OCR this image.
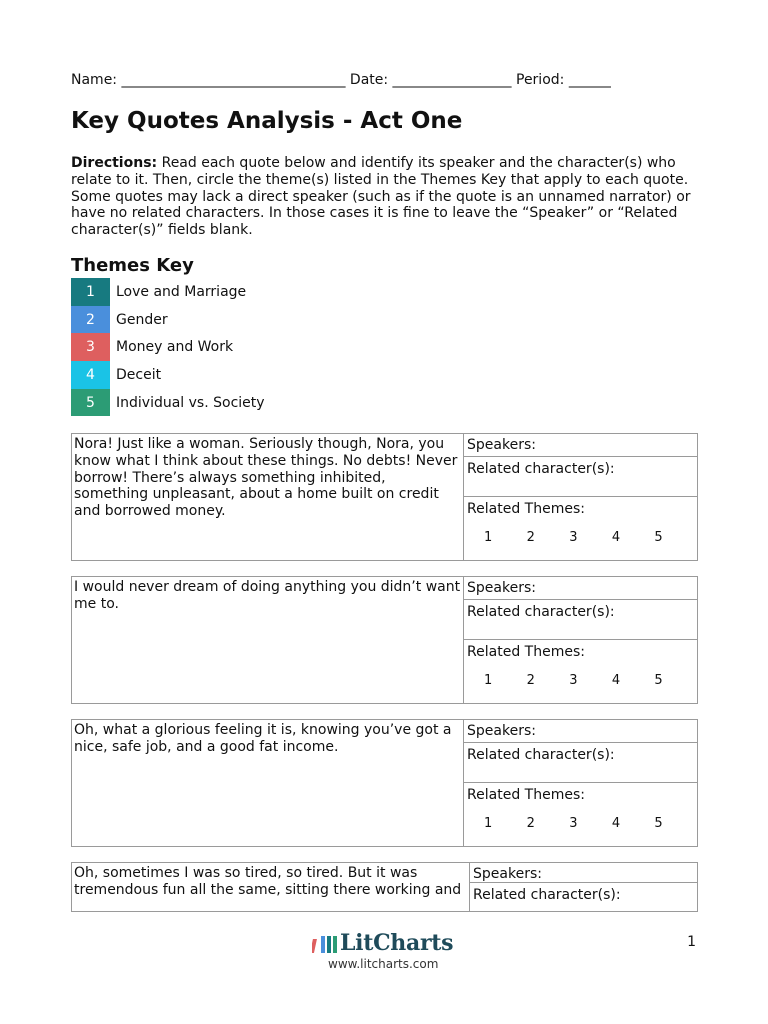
Name: ________________________________ Date: _________________ Period: ______
Key Quotes Analysis - Act One

Directions: Read each quote below and identify its speaker and the character(s) who relate to it. Then, circle the theme(s) listed in the Themes Key that apply to each quote. Some quotes may lack a direct speaker (such as if the quote is an unnamed narrator) or have no related characters. In those cases it is fine to leave the “Speaker” or “Related character(s)” fields blank.

Themes Key
1	Love and Marriage
2	Gender
3	Money and Work
4	Deceit
5	Individual vs. Society
Nora! Just like a woman. Seriously though, Nora, you know what I think about these things. No debts! Never borrow! There’s always something inhibited, something unpleasant, about a home built on credit and borrowed money.
Speakers:
Related character(s):
Related Themes:
1	2	3	4	5
I would never dream of doing anything you didn’t want me to.
Speakers:
Related character(s):
Related Themes:
1	2	3	4	5
Oh, what a glorious feeling it is, knowing you’ve got a nice, safe job, and a good fat income.
Speakers:
Related character(s):
Related Themes:
1	2	3	4	5
Oh, sometimes I was so tired, so tired. But it was tremendous fun all the same, sitting there working and
Speakers:
Related character(s):
LitCharts
www.litcharts.com
1
